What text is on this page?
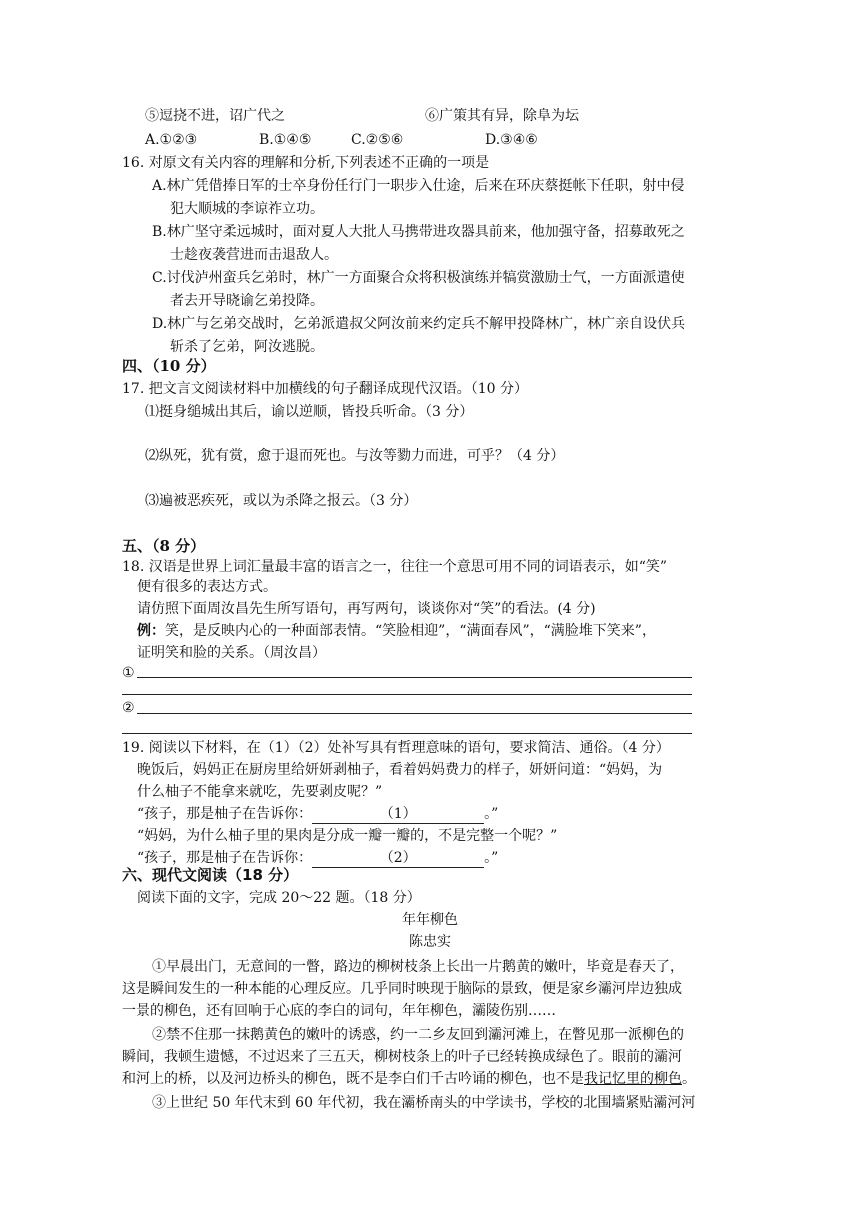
⑤逗挠不进，诏广代之	⑥广策其有异，除阜为坛
A.①②③	B.①④⑤	C.②⑤⑥	D.③④⑥
16. 对原文有关内容的理解和分析,下列表述不正确的一项是
A.林广凭借捧日军的士卒身份任行门一职步入仕途，后来在环庆蔡挺帐下任职，射中侵
犯大顺城的李谅祚立功。
B.林广坚守柔远城时，面对夏人大批人马携带进攻器具前来，他加强守备，招募敢死之
士趁夜袭营进而击退敌人。
C.讨伐泸州蛮兵乞弟时，林广一方面聚合众将积极演练并犒赏激励士气，一方面派遣使
者去开导晓谕乞弟投降。
D.林广与乞弟交战时，乞弟派遣叔父阿汝前来约定兵不解甲投降林广，林广亲自设伏兵
斩杀了乞弟，阿汝逃脱。
四、（10 分）
17. 把文言文阅读材料中加横线的句子翻译成现代汉语。（10 分）
⑴挺身缒城出其后，谕以逆顺，皆投兵听命。（3 分）
⑵纵死，犹有赏，愈于退而死也。与汝等勠力而进，可乎？（4 分）
⑶遍被恶疾死，或以为杀降之报云。（3 分）
五、（8 分）
18. 汉语是世界上词汇量最丰富的语言之一，往往一个意思可用不同的词语表示，如“笑”
便有很多的表达方式。
请仿照下面周汝昌先生所写语句，再写两句，谈谈你对“笑”的看法。(4 分)
例：笑，是反映内心的一种面部表情。“笑脸相迎”，“满面春风”，“满脸堆下笑来”，
证明笑和脸的关系。（周汝昌）
①
②
19. 阅读以下材料，在（1）（2）处补写具有哲理意味的语句，要求简洁、通俗。（4 分）
晚饭后，妈妈正在厨房里给妍妍剥柚子，看着妈妈费力的样子，妍妍问道：“妈妈，为
什么柚子不能拿来就吃，先要剥皮呢？”
“孩子，那是柚子在告诉你：	（1）	。”
“妈妈，为什么柚子里的果肉是分成一瓣一瓣的，不是完整一个呢？”
“孩子，那是柚子在告诉你：	（2）	。”
六、现代文阅读（18 分）
阅读下面的文字，完成 20～22 题。（18 分）
年年柳色
陈忠实
①早晨出门，无意间的一瞥，路边的柳树枝条上长出一片鹅黄的嫩叶，毕竟是春天了，
这是瞬间发生的一种本能的心理反应。几乎同时映现于脑际的景致，便是家乡灞河岸边独成
一景的柳色，还有回响于心底的李白的词句，年年柳色，灞陵伤别……
②禁不住那一抹鹅黄色的嫩叶的诱惑，约一二乡友回到灞河滩上，在瞥见那一派柳色的
瞬间，我顿生遗憾，不过迟来了三五天，柳树枝条上的叶子已经转换成绿色了。眼前的灞河
和河上的桥，以及河边桥头的柳色，既不是李白们千古吟诵的柳色，也不是我记忆里的柳色。
③上世纪 50 年代末到 60 年代初，我在灞桥南头的中学读书，学校的北围墙紧贴灞河河
